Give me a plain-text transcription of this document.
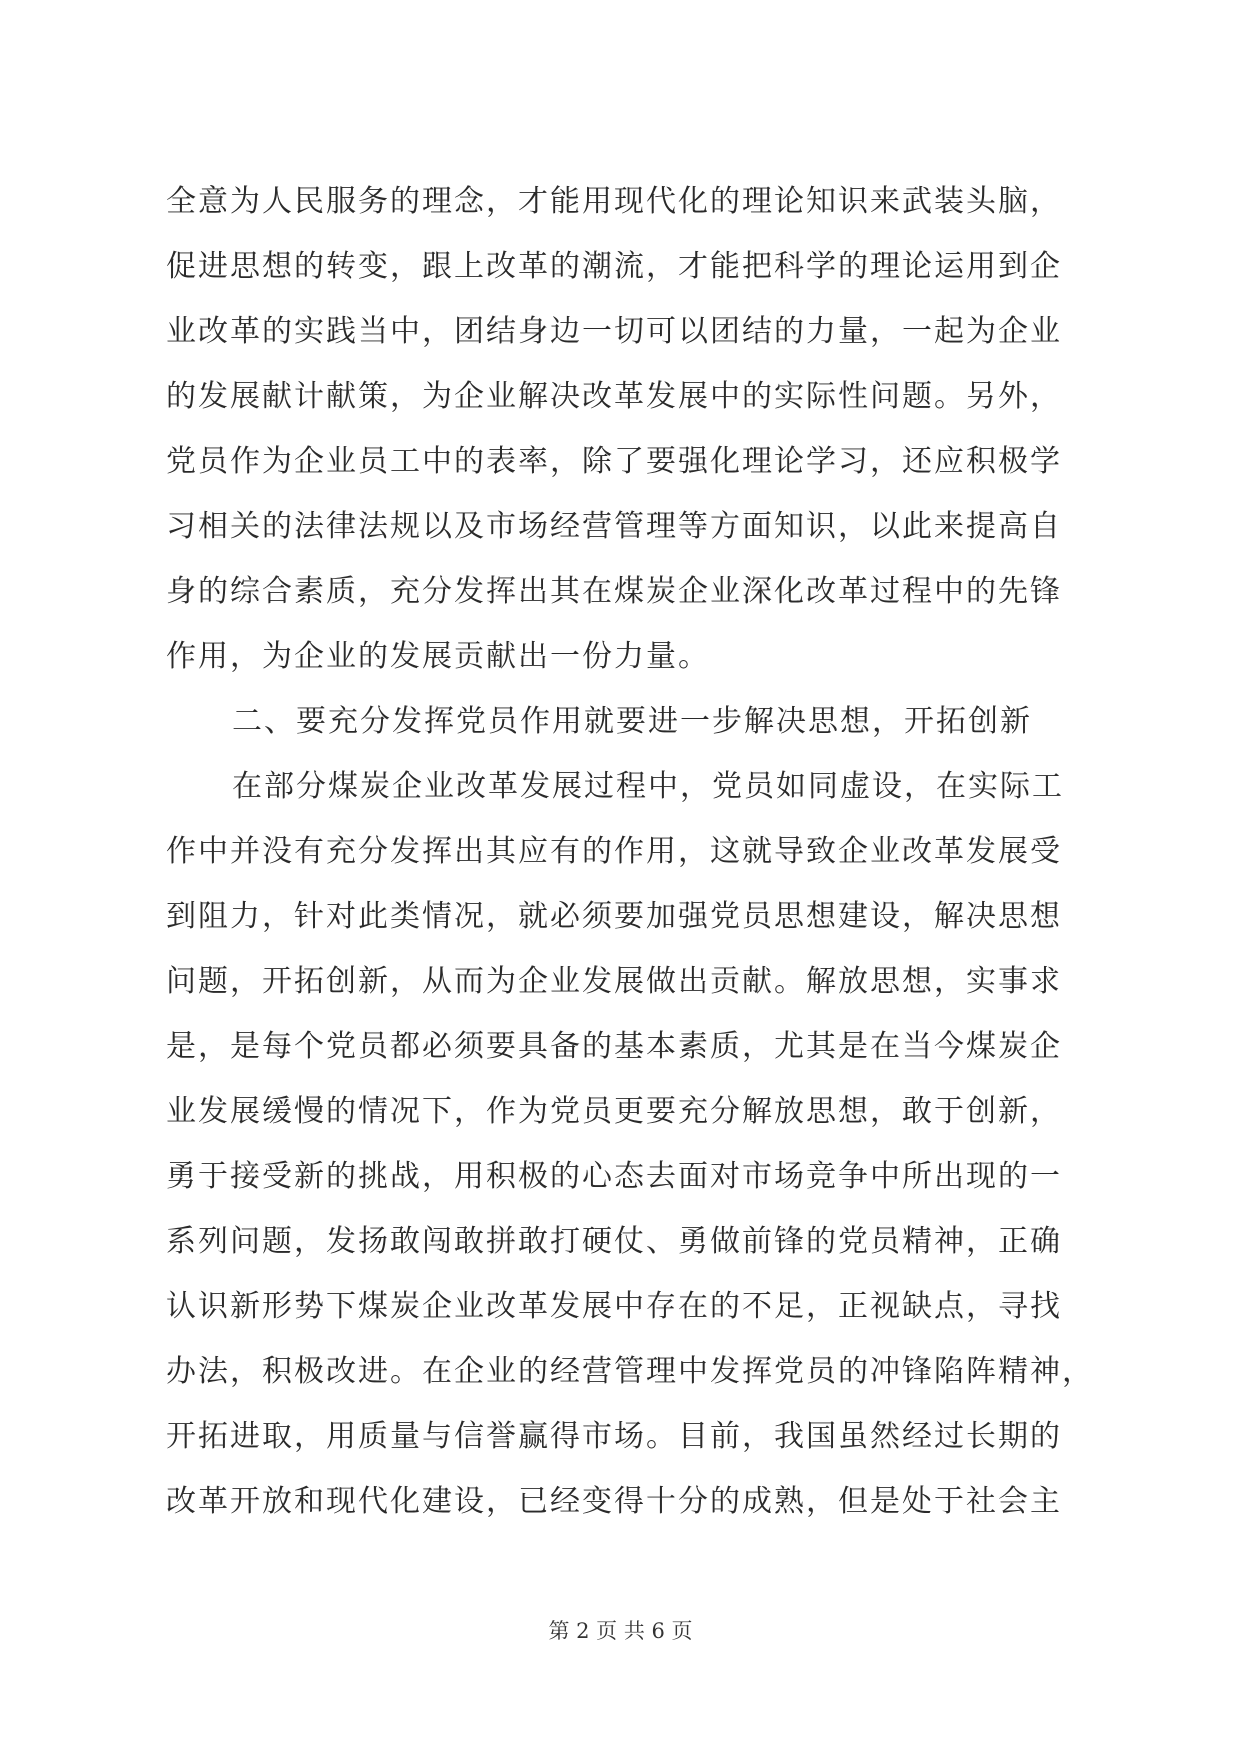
全意为人民服务的理念，才能用现代化的理论知识来武装头脑，
促进思想的转变，跟上改革的潮流，才能把科学的理论运用到企
业改革的实践当中，团结身边一切可以团结的力量，一起为企业
的发展献计献策，为企业解决改革发展中的实际性问题。另外，
党员作为企业员工中的表率，除了要强化理论学习，还应积极学
习相关的法律法规以及市场经营管理等方面知识，以此来提高自
身的综合素质，充分发挥出其在煤炭企业深化改革过程中的先锋
作用，为企业的发展贡献出一份力量。
二、要充分发挥党员作用就要进一步解决思想，开拓创新
在部分煤炭企业改革发展过程中，党员如同虚设，在实际工
作中并没有充分发挥出其应有的作用，这就导致企业改革发展受
到阻力，针对此类情况，就必须要加强党员思想建设，解决思想
问题，开拓创新，从而为企业发展做出贡献。解放思想，实事求
是，是每个党员都必须要具备的基本素质，尤其是在当今煤炭企
业发展缓慢的情况下，作为党员更要充分解放思想，敢于创新，
勇于接受新的挑战，用积极的心态去面对市场竞争中所出现的一
系列问题，发扬敢闯敢拼敢打硬仗、勇做前锋的党员精神，正确
认识新形势下煤炭企业改革发展中存在的不足，正视缺点，寻找
办法，积极改进。在企业的经营管理中发挥党员的冲锋陷阵精神，
开拓进取，用质量与信誉赢得市场。目前，我国虽然经过长期的
改革开放和现代化建设，已经变得十分的成熟，但是处于社会主
第 2 页 共 6 页
